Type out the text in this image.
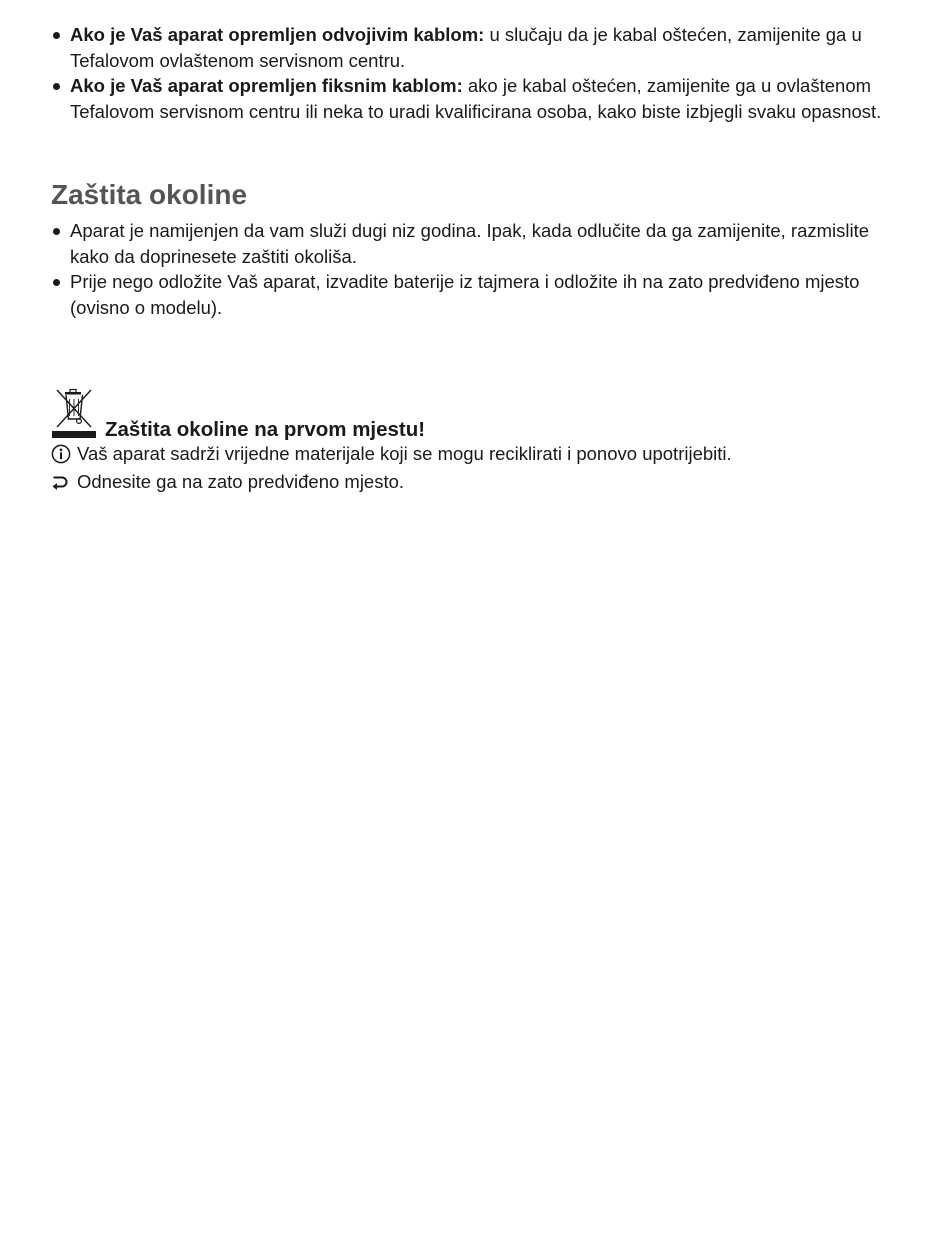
Ako je Vaš aparat opremljen odvojivim kablom: u slučaju da je kabal oštećen, zamijenite ga u Tefalovom ovlaštenom servisnom centru.
Ako je Vaš aparat opremljen fiksnim kablom: ako je kabal oštećen, zamijenite ga u ovlaštenom Tefalovom servisnom centru ili neka to uradi kvalificirana osoba, kako biste izbjegli svaku opasnost.
Zaštita okoline
Aparat je namijenjen da vam služi dugi niz godina. Ipak, kada odlučite da ga zamijenite, razmislite kako da doprinesete zaštiti okoliša.
Prije nego odložite Vaš aparat, izvadite baterije iz tajmera i odložite ih na zato predviđeno mjesto (ovisno o modelu).
Zaštita okoline na prvom mjestu!
Vaš aparat sadrži vrijedne materijale koji se mogu reciklirati i ponovo upotrijebiti.
Odnesite ga na zato predviđeno mjesto.
